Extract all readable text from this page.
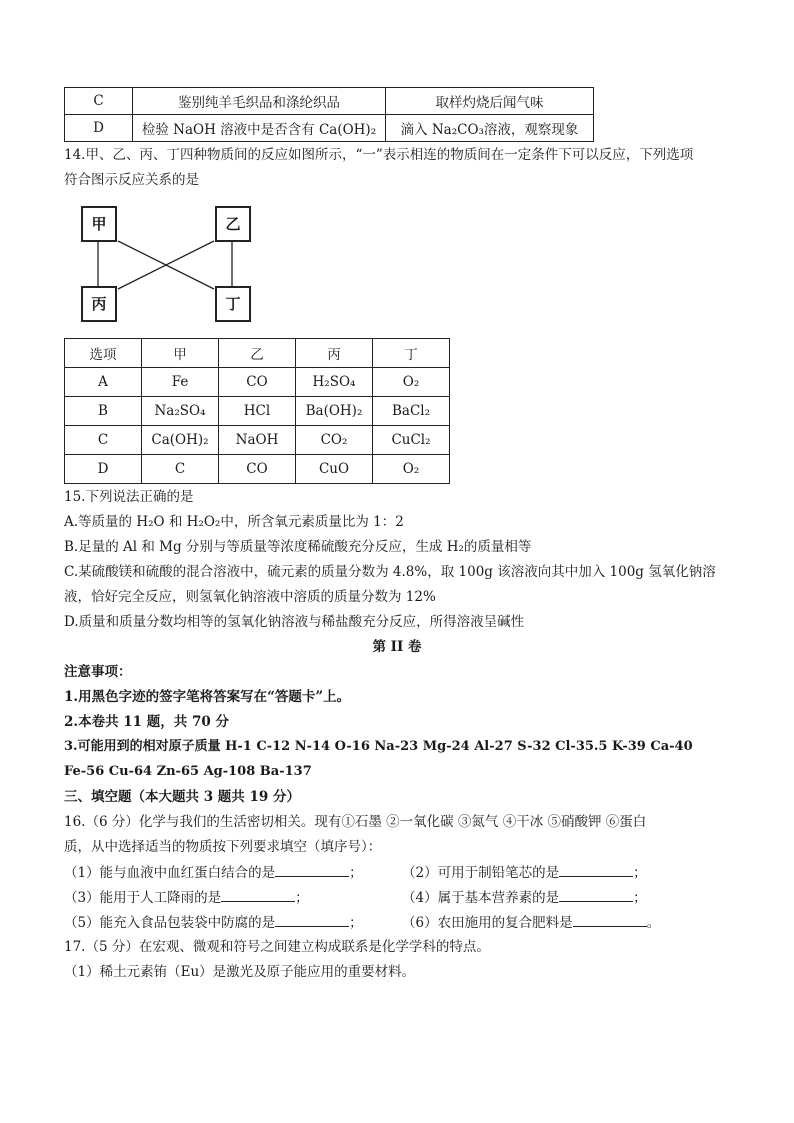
C	鉴别纯羊毛织品和涤纶织品	取样灼烧后闻气味
D	检验 NaOH 溶液中是否含有 Ca(OH)₂	滴入 Na₂CO₃溶液，观察现象
14.甲、乙、丙、丁四种物质间的反应如图所示，“一”表示相连的物质间在一定条件下可以反应，下列选项
符合图示反应关系的是
甲	乙
丙	丁
选项	甲	乙	丙	丁
A	Fe	CO	H₂SO₄	O₂
B	Na₂SO₄	HCl	Ba(OH)₂	BaCl₂
C	Ca(OH)₂	NaOH	CO₂	CuCl₂
D	C	CO	CuO	O₂
15.下列说法正确的是
A.等质量的 H₂O 和 H₂O₂中，所含氧元素质量比为 1：2
B.足量的 Al 和 Mg 分别与等质量等浓度稀硫酸充分反应，生成 H₂的质量相等
C.某硫酸镁和硫酸的混合溶液中，硫元素的质量分数为 4.8%，取 100g 该溶液向其中加入 100g 氢氧化钠溶
液，恰好完全反应，则氢氧化钠溶液中溶质的质量分数为 12%
D.质量和质量分数均相等的氢氧化钠溶液与稀盐酸充分反应，所得溶液呈碱性
第 II 卷
注意事项：
1.用黑色字迹的签字笔将答案写在“答题卡”上。
2.本卷共 11 题，共 70 分
3.可能用到的相对原子质量 H-1 C-12 N-14 O-16 Na-23 Mg-24 Al-27 S-32 Cl-35.5 K-39 Ca-40
Fe-56 Cu-64 Zn-65 Ag-108 Ba-137
三、填空题（本大题共 3 题共 19 分）
16.（6 分）化学与我们的生活密切相关。现有①石墨 ②一氧化碳 ③氮气 ④干冰 ⑤硝酸钾 ⑥蛋白
质，从中选择适当的物质按下列要求填空（填序号）：
（1）能与血液中血红蛋白结合的是	；	（2）可用于制铅笔芯的是	；
（3）能用于人工降雨的是	；	（4）属于基本营养素的是	；
（5）能充入食品包装袋中防腐的是	；	（6）农田施用的复合肥料是	。
17.（5 分）在宏观、微观和符号之间建立构成联系是化学学科的特点。
（1）稀土元素铕（Eu）是激光及原子能应用的重要材料。
